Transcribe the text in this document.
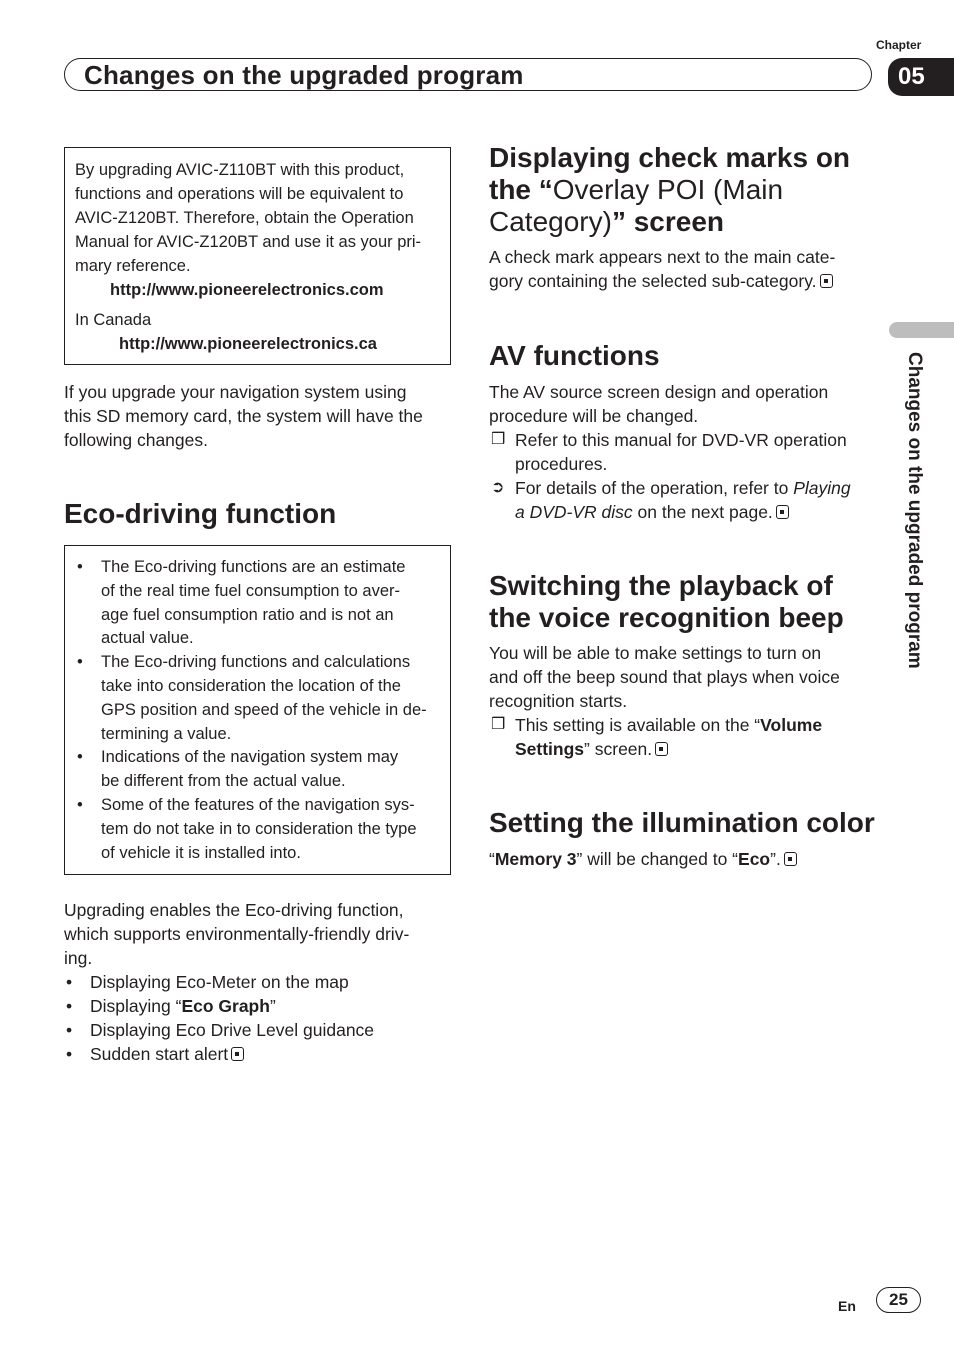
Chapter
Changes on the upgraded program	05
Changes on the upgraded program
By upgrading AVIC-Z110BT with this product,
functions and operations will be equivalent to
AVIC-Z120BT. Therefore, obtain the Operation
Manual for AVIC-Z120BT and use it as your pri-
mary reference.
http://www.pioneerelectronics.com
In Canada
http://www.pioneerelectronics.ca
If you upgrade your navigation system using
this SD memory card, the system will have the
following changes.
Eco-driving function
• The Eco-driving functions are an estimate
of the real time fuel consumption to aver-
age fuel consumption ratio and is not an
actual value.
• The Eco-driving functions and calculations
take into consideration the location of the
GPS position and speed of the vehicle in de-
termining a value.
• Indications of the navigation system may
be different from the actual value.
• Some of the features of the navigation sys-
tem do not take in to consideration the type
of vehicle it is installed into.
Upgrading enables the Eco-driving function,
which supports environmentally-friendly driv-
ing.
• Displaying Eco-Meter on the map
• Displaying “Eco Graph”
• Displaying Eco Drive Level guidance
• Sudden start alert
Displaying check marks on
the “Overlay POI (Main
Category)” screen
A check mark appears next to the main cate-
gory containing the selected sub-category.
AV functions
The AV source screen design and operation
procedure will be changed.
❒ Refer to this manual for DVD-VR operation
procedures.
➲ For details of the operation, refer to Playing
a DVD-VR disc on the next page.
Switching the playback of
the voice recognition beep
You will be able to make settings to turn on
and off the beep sound that plays when voice
recognition starts.
❒ This setting is available on the “Volume
Settings” screen.
Setting the illumination color
“Memory 3” will be changed to “Eco”.
En	25
